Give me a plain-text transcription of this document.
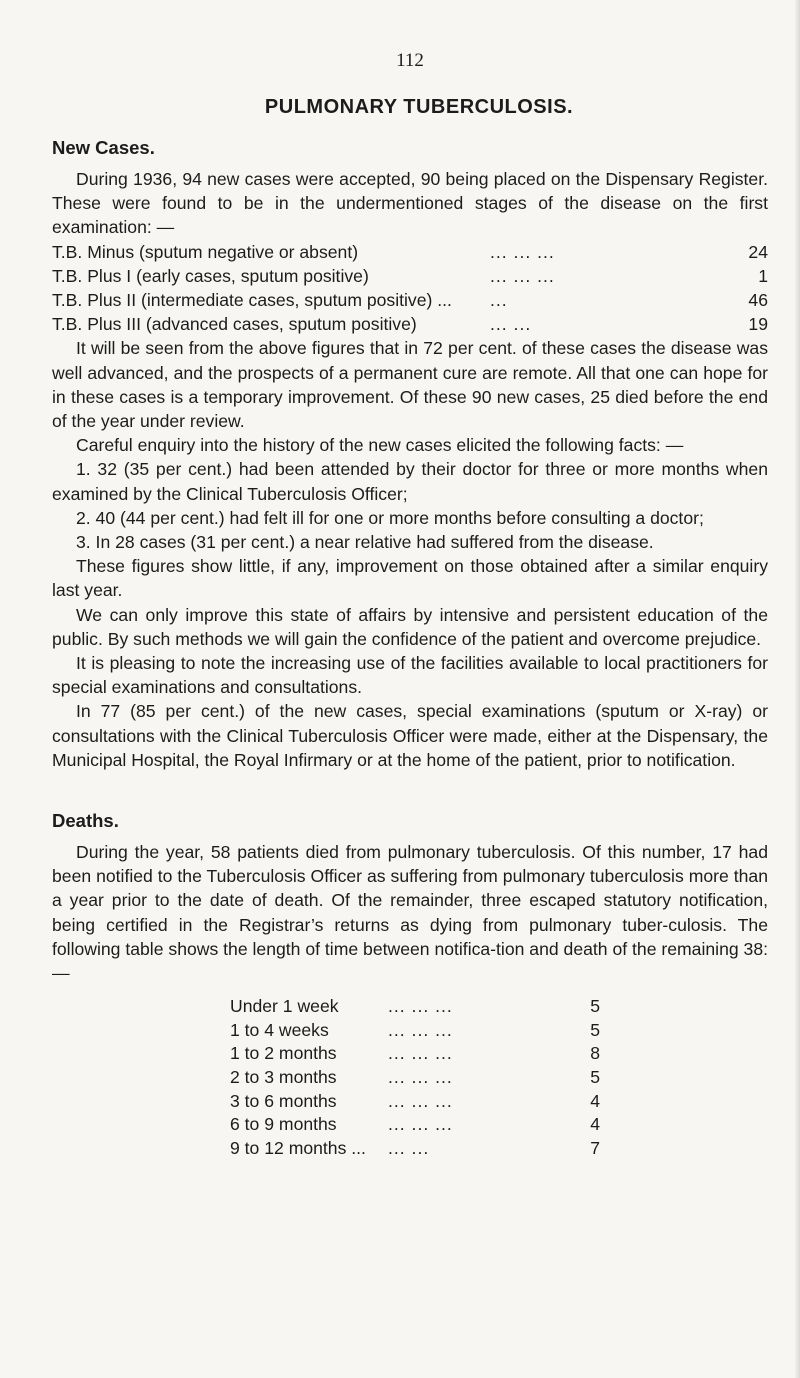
112
PULMONARY TUBERCULOSIS.
New Cases.

During 1936, 94 new cases were accepted, 90 being placed on the Dispensary Register. These were found to be in the undermentioned stages of the disease on the first examination: —

T.B. Minus (sputum negative or absent)	... ... ...	24
T.B. Plus I (early cases, sputum positive)	... ... ...	1
T.B. Plus II (intermediate cases, sputum positive) ...	...	46
T.B. Plus III (advanced cases, sputum positive)	... ...	19

It will be seen from the above figures that in 72 per cent. of these cases the disease was well advanced, and the prospects of a permanent cure are remote. All that one can hope for in these cases is a temporary improvement. Of these 90 new cases, 25 died before the end of the year under review.

Careful enquiry into the history of the new cases elicited the following facts: —

1. 32 (35 per cent.) had been attended by their doctor for three or more months when examined by the Clinical Tuberculosis Officer;

2. 40 (44 per cent.) had felt ill for one or more months before consulting a doctor;

3. In 28 cases (31 per cent.) a near relative had suffered from the disease.

These figures show little, if any, improvement on those obtained after a similar enquiry last year.

We can only improve this state of affairs by intensive and persistent education of the public. By such methods we will gain the confidence of the patient and overcome prejudice.

It is pleasing to note the increasing use of the facilities available to local practitioners for special examinations and consultations.

In 77 (85 per cent.) of the new cases, special examinations (sputum or X-ray) or consultations with the Clinical Tuberculosis Officer were made, either at the Dispensary, the Municipal Hospital, the Royal Infirmary or at the home of the patient, prior to notification.

Deaths.

During the year, 58 patients died from pulmonary tuberculosis. Of this number, 17 had been notified to the Tuberculosis Officer as suffering from pulmonary tuberculosis more than a year prior to the date of death. Of the remainder, three escaped statutory notification, being certified in the Registrar’s returns as dying from pulmonary tuber-culosis. The following table shows the length of time between notifica-tion and death of the remaining 38: —

Under 1 week	... ... ...	5
1 to 4 weeks	... ... ...	5
1 to 2 months	... ... ...	8
2 to 3 months	... ... ...	5
3 to 6 months	... ... ...	4
6 to 9 months	... ... ...	4
9 to 12 months ...	... ...	7
